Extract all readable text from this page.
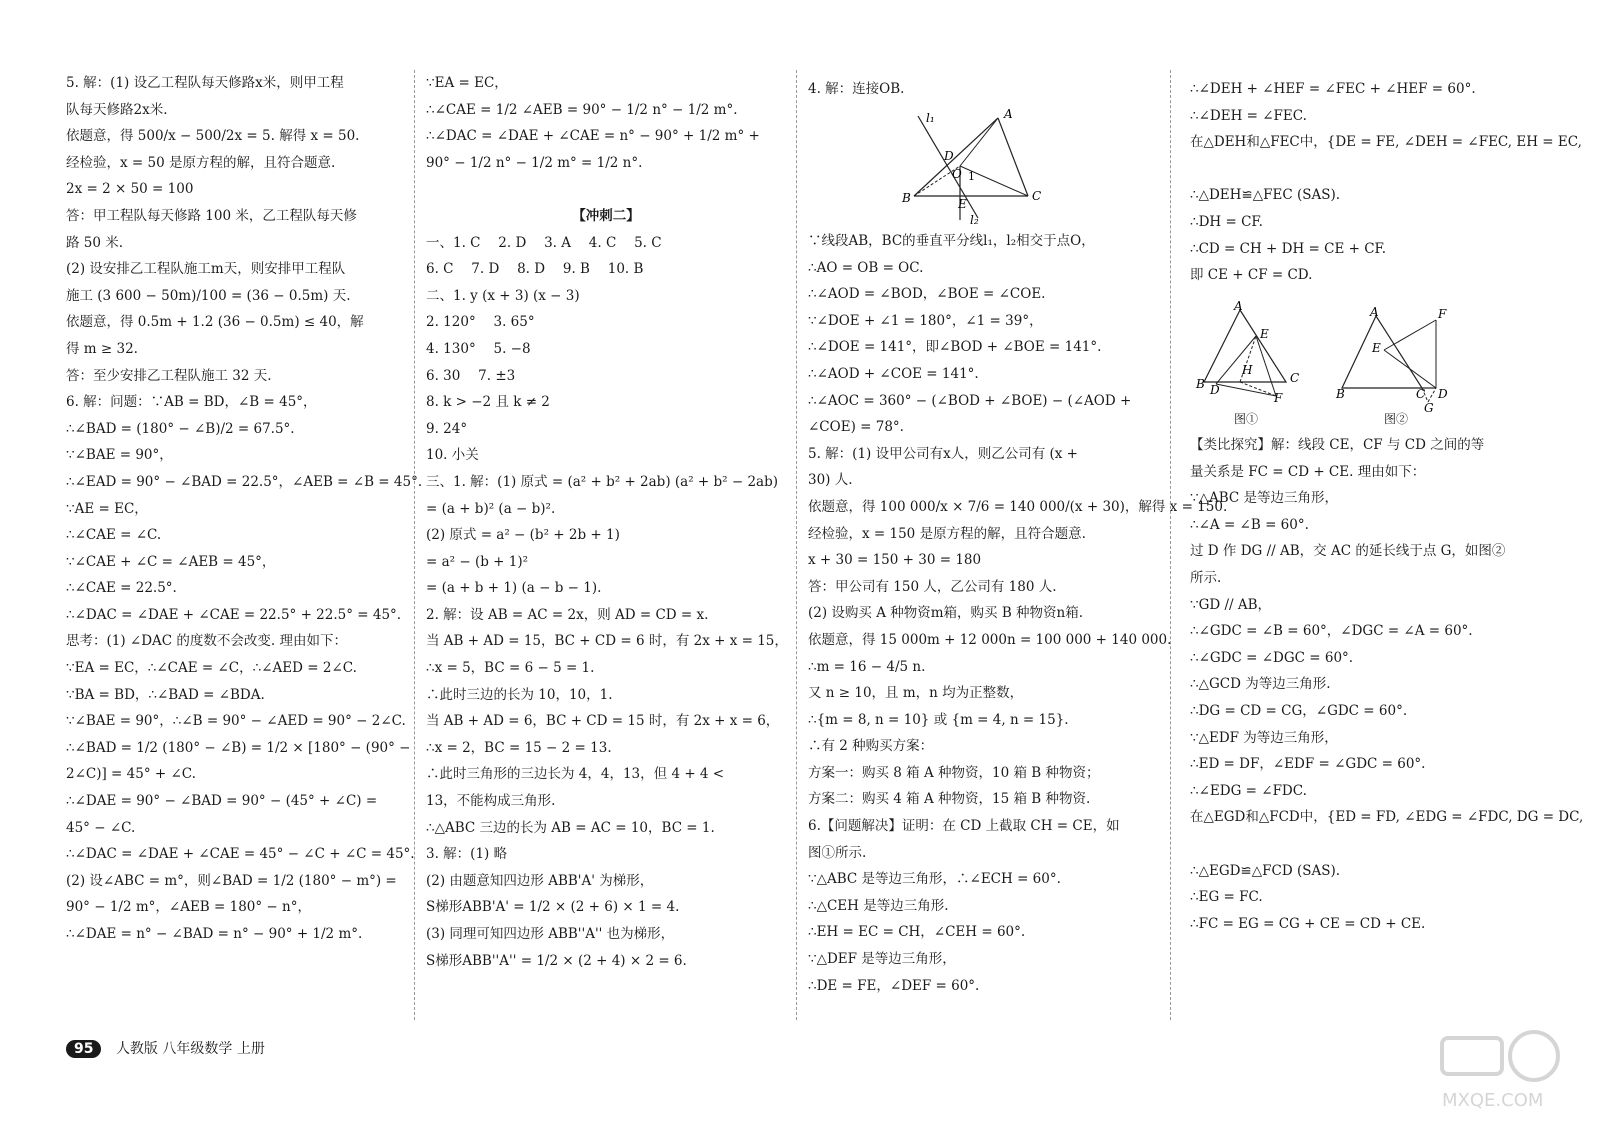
5. 解：(1) 设乙工程队每天修路x米，则甲工程
队每天修路2x米.
依题意，得 500/x − 500/2x = 5. 解得 x = 50.
经检验，x = 50 是原方程的解，且符合题意.
2x = 2 × 50 = 100
答：甲工程队每天修路 100 米，乙工程队每天修
路 50 米.
(2) 设安排乙工程队施工m天，则安排甲工程队
施工 (3 600 − 50m)/100 = (36 − 0.5m) 天.
依题意，得 0.5m + 1.2 (36 − 0.5m) ≤ 40，解
得 m ≥ 32.
答：至少安排乙工程队施工 32 天.
6. 解：问题：∵AB = BD，∠B = 45°，
∴∠BAD = (180° − ∠B)/2 = 67.5°.
∵∠BAE = 90°，
∴∠EAD = 90° − ∠BAD = 22.5°，∠AEB = ∠B = 45°.
∵AE = EC，
∴∠CAE = ∠C.
∵∠CAE + ∠C = ∠AEB = 45°，
∴∠CAE = 22.5°.
∴∠DAC = ∠DAE + ∠CAE = 22.5° + 22.5° = 45°.
思考：(1) ∠DAC 的度数不会改变. 理由如下：
∵EA = EC，∴∠CAE = ∠C，∴∠AED = 2∠C.
∵BA = BD，∴∠BAD = ∠BDA.
∵∠BAE = 90°，∴∠B = 90° − ∠AED = 90° − 2∠C.
∴∠BAD = 1/2 (180° − ∠B) = 1/2 × [180° − (90° −
2∠C)] = 45° + ∠C.
∴∠DAE = 90° − ∠BAD = 90° − (45° + ∠C) =
45° − ∠C.
∴∠DAC = ∠DAE + ∠CAE = 45° − ∠C + ∠C = 45°.
(2) 设∠ABC = m°，则∠BAD = 1/2 (180° − m°) =
90° − 1/2 m°，∠AEB = 180° − n°，
∴∠DAE = n° − ∠BAD = n° − 90° + 1/2 m°.
∵EA = EC，
∴∠CAE = 1/2 ∠AEB = 90° − 1/2 n° − 1/2 m°.
∴∠DAC = ∠DAE + ∠CAE = n° − 90° + 1/2 m° +
90° − 1/2 n° − 1/2 m° = 1/2 n°.

【冲刺二】
一、1. C　 2. D　 3. A　 4. C　 5. C
6. C　 7. D　 8. D　 9. B　 10. B
二、1. y (x + 3) (x − 3)
2. 120°　 3. 65°
4. 130°　 5. −8
6. 30　 7. ±3
8. k > −2 且 k ≠ 2
9. 24°
10. 小关
三、1. 解：(1) 原式 = (a² + b² + 2ab) (a² + b² − 2ab)
= (a + b)² (a − b)².
(2) 原式 = a² − (b² + 2b + 1)
= a² − (b + 1)²
= (a + b + 1) (a − b − 1).
2. 解：设 AB = AC = 2x，则 AD = CD = x.
当 AB + AD = 15，BC + CD = 6 时，有 2x + x = 15，
∴x = 5，BC = 6 − 5 = 1.
∴此时三边的长为 10，10，1.
当 AB + AD = 6，BC + CD = 15 时，有 2x + x = 6，
∴x = 2，BC = 15 − 2 = 13.
∴此时三角形的三边长为 4，4，13，但 4 + 4 <
13，不能构成三角形.
∴△ABC 三边的长为 AB = AC = 10，BC = 1.
3. 解：(1) 略
(2) 由题意知四边形 ABB'A' 为梯形，
S梯形ABB'A' = 1/2 × (2 + 6) × 1 = 4.
(3) 同理可知四边形 ABB''A'' 也为梯形，
S梯形ABB''A'' = 1/2 × (2 + 4) × 2 = 6.
4. 解：连接OB.
l₁	A
D
O 1
B	E
C
l₂
∵线段AB，BC的垂直平分线l₁，l₂相交于点O，
∴AO = OB = OC.
∴∠AOD = ∠BOD，∠BOE = ∠COE.
∵∠DOE + ∠1 = 180°，∠1 = 39°，
∴∠DOE = 141°，即∠BOD + ∠BOE = 141°.
∴∠AOD + ∠COE = 141°.
∴∠AOC = 360° − (∠BOD + ∠BOE) − (∠AOD +
∠COE) = 78°.
5. 解：(1) 设甲公司有x人，则乙公司有 (x +
30) 人.
依题意，得 100 000/x × 7/6 = 140 000/(x + 30)，解得 x = 150.
经检验，x = 150 是原方程的解，且符合题意.
x + 30 = 150 + 30 = 180
答：甲公司有 150 人，乙公司有 180 人.
(2) 设购买 A 种物资m箱，购买 B 种物资n箱.
依题意，得 15 000m + 12 000n = 100 000 + 140 000.
∴m = 16 − 4/5 n.
又 n ≥ 10，且 m，n 均为正整数，
∴{m = 8, n = 10} 或 {m = 4, n = 15}.
∴有 2 种购买方案：
方案一：购买 8 箱 A 种物资，10 箱 B 种物资；
方案二：购买 4 箱 A 种物资，15 箱 B 种物资.
6.【问题解决】证明：在 CD 上截取 CH = CE，如
图①所示.
∵△ABC 是等边三角形，∴∠ECH = 60°.
∴△CEH 是等边三角形.
∴EH = EC = CH，∠CEH = 60°.
∵△DEF 是等边三角形，
∴DE = FE，∠DEF = 60°.
∴∠DEH + ∠HEF = ∠FEC + ∠HEF = 60°.
∴∠DEH = ∠FEC.
在△DEH和△FEC中，{DE = FE, ∠DEH = ∠FEC, EH = EC,

∴△DEH≌△FEC (SAS).
∴DH = CF.
∴CD = CH + DH = CE + CF.
即 CE + CF = CD.
A
E
H
B D
F
C
图①
A	F
E
B	C D
G
图②
【类比探究】解：线段 CE，CF 与 CD 之间的等
量关系是 FC = CD + CE. 理由如下：
∵△ABC 是等边三角形，
∴∠A = ∠B = 60°.
过 D 作 DG // AB，交 AC 的延长线于点 G，如图②
所示.
∵GD // AB，
∴∠GDC = ∠B = 60°，∠DGC = ∠A = 60°.
∴∠GDC = ∠DGC = 60°.
∴△GCD 为等边三角形.
∴DG = CD = CG，∠GDC = 60°.
∵△EDF 为等边三角形，
∴ED = DF，∠EDF = ∠GDC = 60°.
∴∠EDG = ∠FDC.
在△EGD和△FCD中，{ED = FD, ∠EDG = ∠FDC, DG = DC,

∴△EGD≌△FCD (SAS).
∴EG = FC.
∴FC = EG = CG + CE = CD + CE.
95 人教版 八年级数学 上册
MXQE.COM
